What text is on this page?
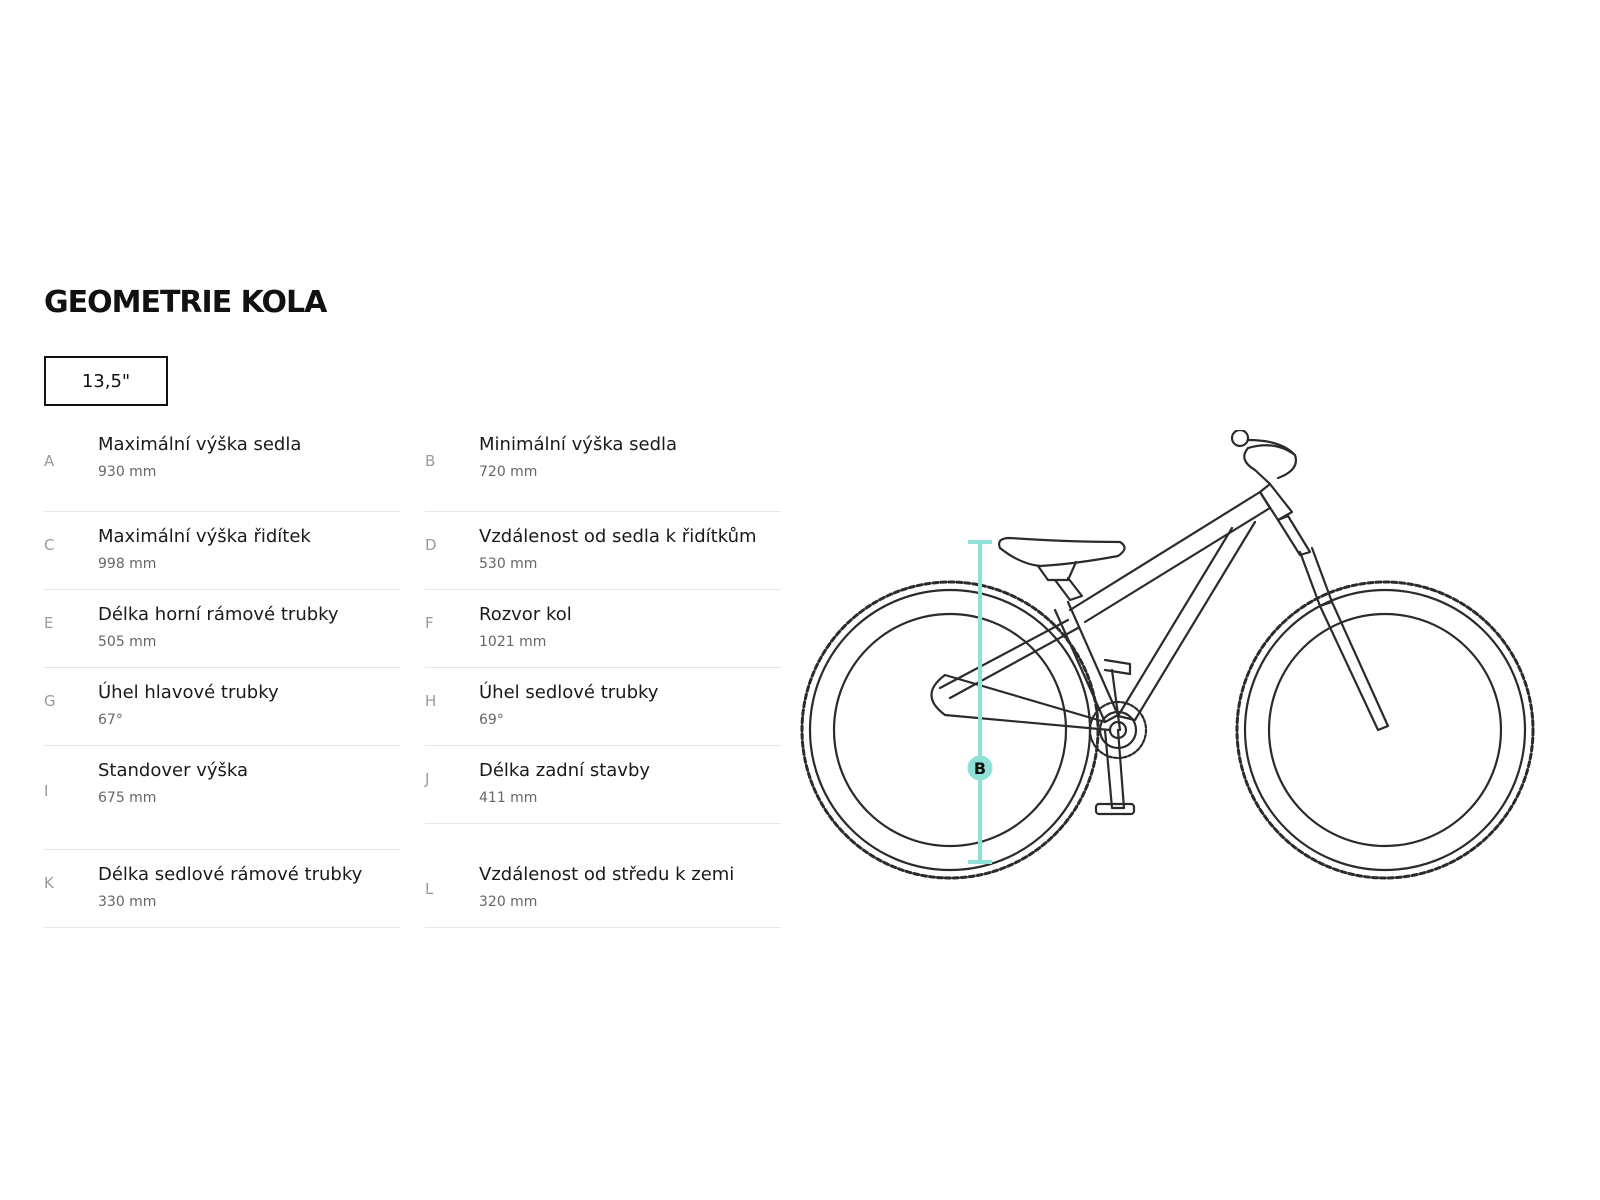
GEOMETRIE KOLA
13,5"
A
Maximální výška sedla
930 mm
C Maximální výška řidítek
998 mm
E Délka horní rámové trubky
505 mm
G Úhel hlavové trubky
67°
I
Standover výška
675 mm
K Délka sedlové rámové trubky
330 mm
B
Minimální výška sedla
720 mm
D Vzdálenost od sedla k řidítkům
530 mm
F	Rozvor kol
1021 mm
H Úhel sedlové trubky
69°
J	Délka zadní stavby
411 mm
L
Vzdálenost od středu k zemi
320 mm
B
